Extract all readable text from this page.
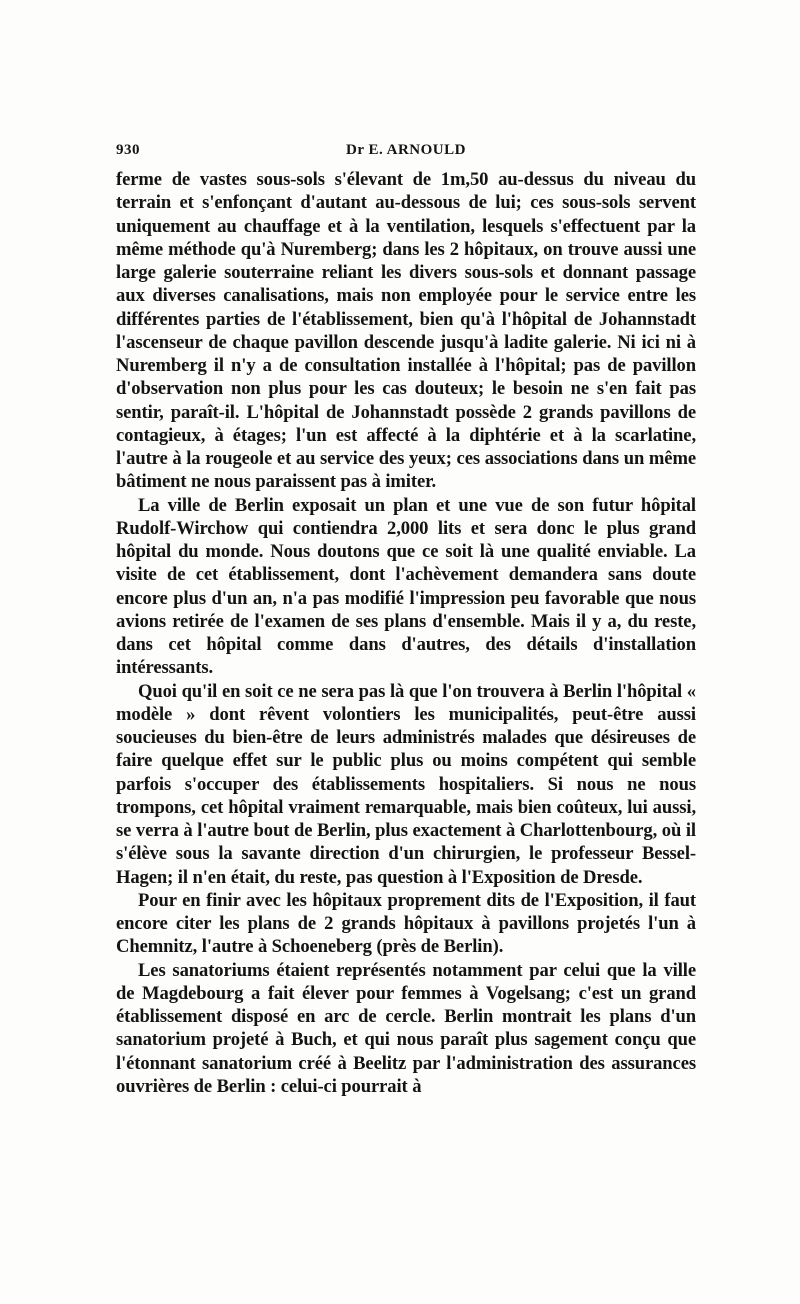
930	Dr E. ARNOULD

ferme de vastes sous-sols s'élevant de 1m,50 au-dessus du niveau du terrain et s'enfonçant d'autant au-dessous de lui; ces sous-sols servent uniquement au chauffage et à la ventilation, lesquels s'effectuent par la même méthode qu'à Nuremberg; dans les 2 hôpitaux, on trouve aussi une large galerie souterraine reliant les divers sous-sols et donnant passage aux diverses canalisations, mais non employée pour le service entre les différentes parties de l'établissement, bien qu'à l'hôpital de Johannstadt l'ascenseur de chaque pavillon descende jusqu'à ladite galerie. Ni ici ni à Nuremberg il n'y a de consultation installée à l'hôpital; pas de pavillon d'observation non plus pour les cas douteux; le besoin ne s'en fait pas sentir, paraît-il. L'hôpital de Johannstadt possède 2 grands pavillons de contagieux, à étages; l'un est affecté à la diphtérie et à la scarlatine, l'autre à la rougeole et au service des yeux; ces associations dans un même bâtiment ne nous paraissent pas à imiter.

La ville de Berlin exposait un plan et une vue de son futur hôpital Rudolf-Wirchow qui contiendra 2,000 lits et sera donc le plus grand hôpital du monde. Nous doutons que ce soit là une qualité enviable. La visite de cet établissement, dont l'achèvement demandera sans doute encore plus d'un an, n'a pas modifié l'impression peu favorable que nous avions retirée de l'examen de ses plans d'ensemble. Mais il y a, du reste, dans cet hôpital comme dans d'autres, des détails d'installation intéressants.

Quoi qu'il en soit ce ne sera pas là que l'on trouvera à Berlin l'hôpital « modèle » dont rêvent volontiers les municipalités, peut-être aussi soucieuses du bien-être de leurs administrés malades que désireuses de faire quelque effet sur le public plus ou moins compétent qui semble parfois s'occuper des établissements hospitaliers. Si nous ne nous trompons, cet hôpital vraiment remarquable, mais bien coûteux, lui aussi, se verra à l'autre bout de Berlin, plus exactement à Charlottenbourg, où il s'élève sous la savante direction d'un chirurgien, le professeur Bessel-Hagen; il n'en était, du reste, pas question à l'Exposition de Dresde.

Pour en finir avec les hôpitaux proprement dits de l'Exposition, il faut encore citer les plans de 2 grands hôpitaux à pavillons projetés l'un à Chemnitz, l'autre à Schoeneberg (près de Berlin).

Les sanatoriums étaient représentés notamment par celui que la ville de Magdebourg a fait élever pour femmes à Vogelsang; c'est un grand établissement disposé en arc de cercle. Berlin montrait les plans d'un sanatorium projeté à Buch, et qui nous paraît plus sagement conçu que l'étonnant sanatorium créé à Beelitz par l'administration des assurances ouvrières de Berlin : celui-ci pourrait à
